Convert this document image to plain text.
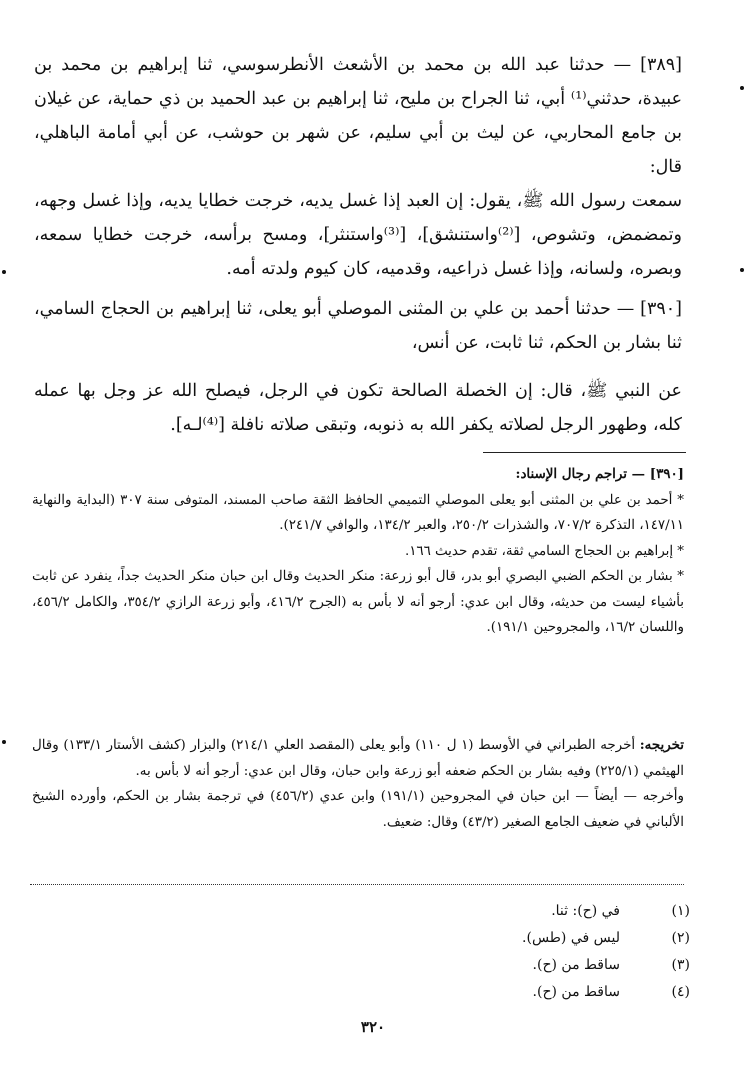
[٣٨٩] — حدثنا عبد الله بن محمد بن الأشعث الأنطرسوسي، ثنا إبراهيم بن محمد بن عبيدة، حدثني⁽¹⁾ أبي، ثنا الجراح بن مليح، ثنا إبراهيم بن عبد الحميد بن ذي حماية، عن غيلان بن جامع المحاربي، عن ليث بن أبي سليم، عن شهر بن حوشب، عن أبي أمامة الباهلي، قال:

سمعت رسول الله ﷺ، يقول: إن العبد إذا غسل يديه، خرجت خطايا يديه، وإذا غسل وجهه، وتمضمض، وتشوص، [⁽²⁾واستنشق]، [⁽³⁾واستنثر]، ومسح برأسه، خرجت خطايا سمعه، وبصره، ولسانه، وإذا غسل ذراعيه، وقدميه، كان كيوم ولدته أمه.

[٣٩٠] — حدثنا أحمد بن علي بن المثنى الموصلي أبو يعلى، ثنا إبراهيم بن الحجاج السامي، ثنا بشار بن الحكم، ثنا ثابت، عن أنس،

عن النبي ﷺ، قال: إن الخصلة الصالحة تكون في الرجل، فيصلح الله عز وجل بها عمله كله، وطهور الرجل لصلاته يكفر الله به ذنوبه، وتبقى صلاته نافلة [⁽⁴⁾لـه].

[٣٩٠] — تراجم رجال الإسناد:

* أحمد بن علي بن المثنى أبو يعلى الموصلي التميمي الحافظ الثقة صاحب المسند، المتوفى سنة ٣٠٧ (البداية والنهاية ١٤٧/١١، التذكرة ٧٠٧/٢، والشذرات ٢٥٠/٢، والعبر ١٣٤/٢، والوافي ٢٤١/٧).

* إبراهيم بن الحجاج السامي ثقة، تقدم حديث ١٦٦.

* بشار بن الحكم الضبي البصري أبو بدر، قال أبو زرعة: منكر الحديث وقال ابن حبان منكر الحديث جداً، ينفرد عن ثابت بأشياء ليست من حديثه، وقال ابن عدي: أرجو أنه لا بأس به (الجرح ٤١٦/٢، وأبو زرعة الرازي ٣٥٤/٢، والكامل ٤٥٦/٢، واللسان ١٦/٢، والمجروحين ١٩١/١).

تخريجه: أخرجه الطبراني في الأوسط (١ ل ١١٠) وأبو يعلى (المقصد العلي ٢١٤/١) والبزار (كشف الأستار ١٣٣/١) وقال الهيثمي (٢٢٥/١) وفيه بشار بن الحكم ضعفه أبو زرعة وابن حبان، وقال ابن عدي: أرجو أنه لا بأس به.

وأخرجه — أيضاً — ابن حبان في المجروحين (١٩١/١) وابن عدي (٤٥٦/٢) في ترجمة بشار بن الحكم، وأورده الشيخ الألباني في ضعيف الجامع الصغير (٤٣/٢) وقال: ضعيف.

(١)
في (ح): ثنا.
(٢)
ليس في (طس).
(٣)
ساقط من (ح).
(٤)
ساقط من (ح).
٣٢٠
